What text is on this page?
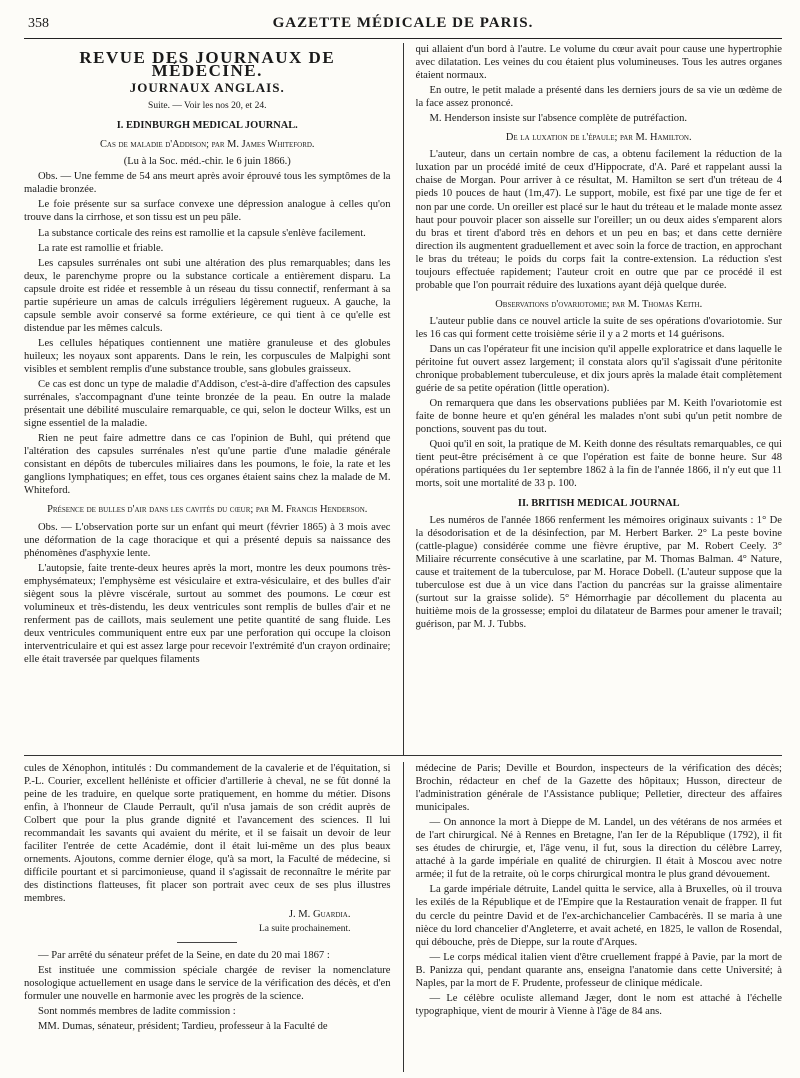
358	GAZETTE MÉDICALE DE PARIS.
REVUE DES JOURNAUX DE MÉDECINE.
JOURNAUX ANGLAIS.

Suite. — Voir les nos 20, et 24.

I. EDINBURGH MEDICAL JOURNAL.

Cas de maladie d'Addison; par M. James Whiteford.

(Lu à la Soc. méd.-chir. le 6 juin 1866.)

Obs. — Une femme de 54 ans meurt après avoir éprouvé tous les symptômes de la maladie bronzée.

Le foie présente sur sa surface convexe une dépression analogue à celles qu'on trouve dans la cirrhose, et son tissu est un peu pâle.

La substance corticale des reins est ramollie et la capsule s'enlève facilement.

La rate est ramollie et friable.

Les capsules surrénales ont subi une altération des plus remarquables; dans les deux, le parenchyme propre ou la substance corticale a entièrement disparu. La capsule droite est ridée et ressemble à un réseau du tissu connectif, renfermant à sa partie supérieure un amas de calculs irréguliers légèrement rugueux. A gauche, la capsule semble avoir conservé sa forme extérieure, ce qui tient à ce qu'elle est distendue par les mêmes calculs.

Les cellules hépatiques contiennent une matière granuleuse et des globules huileux; les noyaux sont apparents. Dans le rein, les corpuscules de Malpighi sont visibles et semblent remplis d'une substance trouble, sans globules graisseux.

Ce cas est donc un type de maladie d'Addison, c'est-à-dire d'affection des capsules surrénales, s'accompagnant d'une teinte bronzée de la peau. En outre la malade présentait une débilité musculaire remarquable, ce qui, selon le docteur Wilks, est un signe essentiel de la maladie.

Rien ne peut faire admettre dans ce cas l'opinion de Buhl, qui prétend que l'altération des capsules surrénales n'est qu'une partie d'une maladie générale consistant en dépôts de tubercules miliaires dans les poumons, le foie, la rate et les ganglions lymphatiques; en effet, tous ces organes étaient sains chez la malade de M. Whiteford.

Présence de bulles d'air dans les cavités du cœur; par M. Francis Henderson.

Obs. — L'observation porte sur un enfant qui meurt (février 1865) à 3 mois avec une déformation de la cage thoracique et qui a présenté depuis sa naissance des phénomènes d'asphyxie lente.

L'autopsie, faite trente-deux heures après la mort, montre les deux poumons très-emphysémateux; l'emphysème est vésiculaire et extra-vésiculaire, et des bulles d'air siègent sous la plèvre viscérale, surtout au sommet des poumons. Le cœur est volumineux et très-distendu, les deux ventricules sont remplis de bulles d'air et ne renferment pas de caillots, mais seulement une petite quantité de sang fluide. Les deux ventricules communiquent entre eux par une perforation qui occupe la cloison interventriculaire et qui est assez large pour recevoir l'extrémité d'un crayon ordinaire; elle était traversée par quelques filaments

qui allaient d'un bord à l'autre. Le volume du cœur avait pour cause une hypertrophie avec dilatation. Les veines du cou étaient plus volumineuses. Tous les autres organes étaient normaux.

En outre, le petit malade a présenté dans les derniers jours de sa vie un œdème de la face assez prononcé.

M. Henderson insiste sur l'absence complète de putréfaction.

De la luxation de l'épaule; par M. Hamilton.

L'auteur, dans un certain nombre de cas, a obtenu facilement la réduction de la luxation par un procédé imité de ceux d'Hippocrate, d'A. Paré et rappelant aussi la chaise de Morgan. Pour arriver à ce résultat, M. Hamilton se sert d'un tréteau de 4 pieds 10 pouces de haut (1m,47). Le support, mobile, est fixé par une tige de fer et non par une corde. Un oreiller est placé sur le haut du tréteau et le malade monte assez haut pour pouvoir placer son aisselle sur l'oreiller; un ou deux aides s'emparent alors du bras et tirent d'abord très en dehors et un peu en bas; et dans cette dernière direction ils augmentent graduellement et avec soin la force de traction, en approchant le bras du tréteau; le poids du corps fait la contre-extension. La réduction s'est toujours effectuée rapidement; l'auteur croit en outre que par ce procédé il est probable que l'on pourrait réduire des luxations ayant déjà quelque durée.

Observations d'ovariotomie; par M. Thomas Keith.

L'auteur publie dans ce nouvel article la suite de ses opérations d'ovariotomie. Sur les 16 cas qui forment cette troisième série il y a 2 morts et 14 guérisons.

Dans un cas l'opérateur fit une incision qu'il appelle exploratrice et dans laquelle le péritoine fut ouvert assez largement; il constata alors qu'il s'agissait d'une péritonite chronique probablement tuberculeuse, et dix jours après la malade était complètement guérie de sa petite opération (little operation).

On remarquera que dans les observations publiées par M. Keith l'ovariotomie est faite de bonne heure et qu'en général les malades n'ont subi qu'un petit nombre de ponctions, souvent pas du tout.

Quoi qu'il en soit, la pratique de M. Keith donne des résultats remarquables, ce qui tient peut-être précisément à ce que l'opération est faite de bonne heure. Sur 48 opérations partiquées du 1er septembre 1862 à la fin de l'année 1866, il n'y eut que 11 morts, soit une mortalité de 33 p. 100.

II. BRITISH MEDICAL JOURNAL

Les numéros de l'année 1866 renferment les mémoires originaux suivants : 1° De la désodorisation et de la désinfection, par M. Herbert Barker. 2° La peste bovine (cattle-plague) considérée comme une fièvre éruptive, par M. Robert Ceely. 3° Miliaire récurrente consécutive à une scarlatine, par M. Thomas Balman. 4° Nature, cause et traitement de la tuberculose, par M. Horace Dobell. (L'auteur suppose que la tuberculose est due à un vice dans l'action du pancréas sur la graisse alimentaire (surtout sur la graisse solide). 5° Hémorrhagie par décollement du placenta au huitième mois de la grossesse; emploi du dilatateur de Barmes pour amener le travail; guérison, par M. J. Tubbs.

cules de Xénophon, intitulés : Du commandement de la cavalerie et de l'équitation, si P.-L. Courier, excellent helléniste et officier d'artillerie à cheval, ne se fût donné la peine de les traduire, en quelque sorte pratiquement, en homme du métier. Disons enfin, à l'honneur de Claude Perrault, qu'il n'usa jamais de son crédit auprès de Colbert que pour la plus grande dignité et l'avancement des sciences. Il lui recommandait les savants qui avaient du mérite, et il se faisait un devoir de leur faciliter l'entrée de cette Académie, dont il était lui-même un des plus beaux ornements. Ajoutons, comme dernier éloge, qu'à sa mort, la Faculté de médecine, si difficile pourtant et si parcimonieuse, quand il s'agissait de reconnaître le mérite par des distinctions flatteuses, fit placer son portrait avec ceux de ses plus illustres membres.

J. M. Guardia.

La suite prochainement.

— Par arrêté du sénateur préfet de la Seine, en date du 20 mai 1867 :

Est instituée une commission spéciale chargée de reviser la nomenclature nosologique actuellement en usage dans le service de la vérification des décès, et d'en formuler une nouvelle en harmonie avec les progrès de la science.

Sont nommés membres de ladite commission :

MM. Dumas, sénateur, président; Tardieu, professeur à la Faculté de

médecine de Paris; Deville et Bourdon, inspecteurs de la vérification des décès; Brochin, rédacteur en chef de la Gazette des hôpitaux; Husson, directeur de l'administration générale de l'Assistance publique; Pelletier, directeur des affaires municipales.

— On annonce la mort à Dieppe de M. Landel, un des vétérans de nos armées et de l'art chirurgical. Né à Rennes en Bretagne, l'an Ier de la République (1792), il fit ses études de chirurgie, et, l'âge venu, il fut, sous la direction du célèbre Larrey, attaché à la garde impériale en qualité de chirurgien. Il était à Moscou avec notre armée; il fut de la retraite, où le corps chirurgical montra le plus grand dévouement.

La garde impériale détruite, Landel quitta le service, alla à Bruxelles, où il trouva les exilés de la République et de l'Empire que la Restauration venait de frapper. Il fut du cercle du peintre David et de l'ex-archichancelier Cambacérès. Il se maria à une nièce du lord chancelier d'Angleterre, et avait acheté, en 1825, le vallon de Rosendal, qui débouche, près de Dieppe, sur la route d'Arques.

— Le corps médical italien vient d'être cruellement frappé à Pavie, par la mort de B. Panizza qui, pendant quarante ans, enseigna l'anatomie dans cette Université; à Naples, par la mort de F. Prudente, professeur de clinique médicale.

— Le célèbre oculiste allemand Jæger, dont le nom est attaché à l'échelle typographique, vient de mourir à Vienne à l'âge de 84 ans.
